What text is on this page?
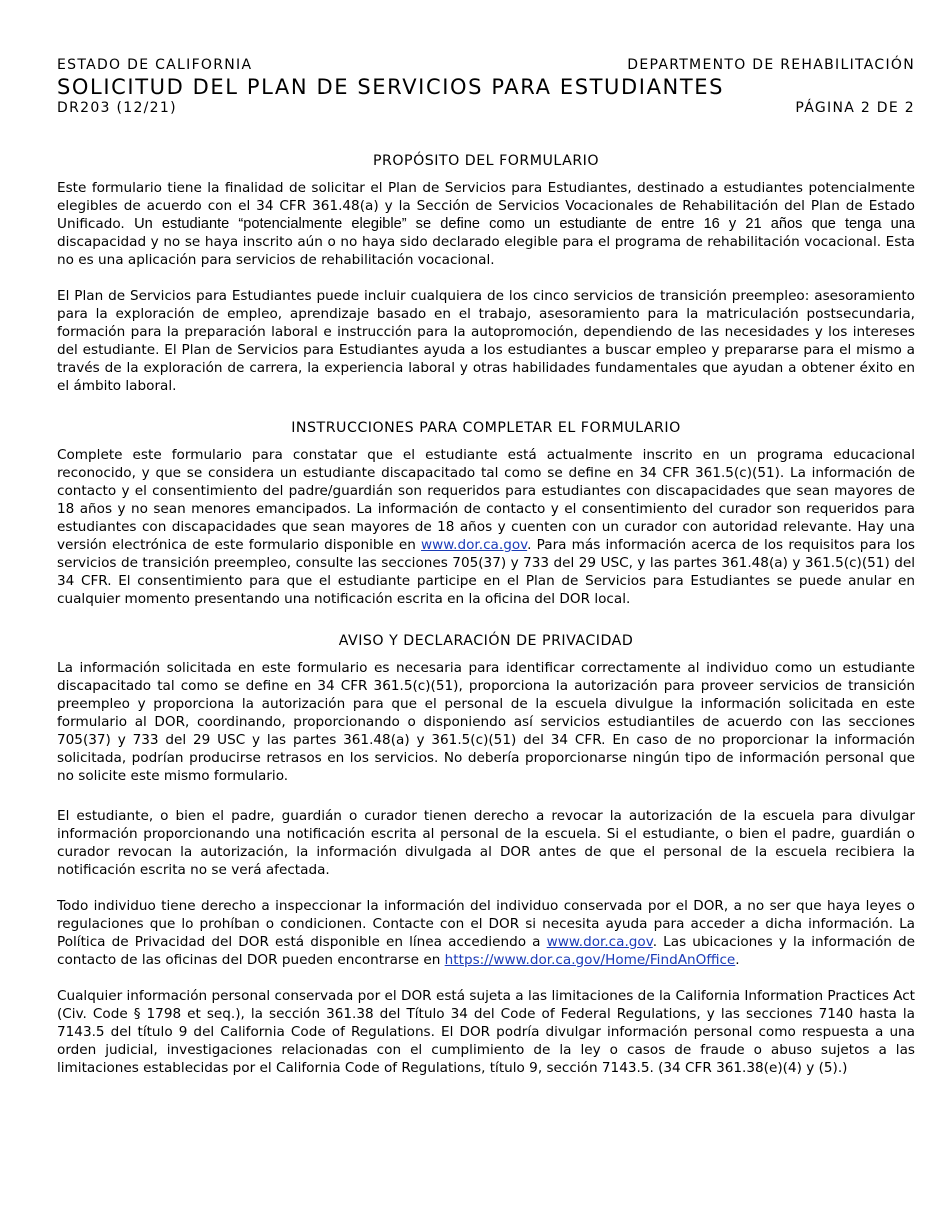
ESTADO DE CALIFORNIA	DEPARTMENTO DE REHABILITACIÓN
SOLICITUD DEL PLAN DE SERVICIOS PARA ESTUDIANTES
DR203 (12/21)	PÁGINA 2 DE 2
PROPÓSITO DEL FORMULARIO

Este formulario tiene la finalidad de solicitar el Plan de Servicios para Estudiantes, destinado a estudiantes potencialmente elegibles de acuerdo con el 34 CFR 361.48(a) y la Sección de Servicios Vocacionales de Rehabilitación del Plan de Estado Unificado. Un estudiante “potencialmente elegible” se define como un estudiante de entre 16 y 21 años que tenga una discapacidad y no se haya inscrito aún o no haya sido declarado elegible para el programa de rehabilitación vocacional. Esta no es una aplicación para servicios de rehabilitación vocacional.

El Plan de Servicios para Estudiantes puede incluir cualquiera de los cinco servicios de transición preempleo: asesoramiento para la exploración de empleo, aprendizaje basado en el trabajo, asesoramiento para la matriculación postsecundaria, formación para la preparación laboral e instrucción para la autopromoción, dependiendo de las necesidades y los intereses del estudiante. El Plan de Servicios para Estudiantes ayuda a los estudiantes a buscar empleo y prepararse para el mismo a través de la exploración de carrera, la experiencia laboral y otras habilidades fundamentales que ayudan a obtener éxito en el ámbito laboral.

INSTRUCCIONES PARA COMPLETAR EL FORMULARIO

Complete este formulario para constatar que el estudiante está actualmente inscrito en un programa educacional reconocido, y que se considera un estudiante discapacitado tal como se define en 34 CFR 361.5(c)(51). La información de contacto y el consentimiento del padre/guardián son requeridos para estudiantes con discapacidades que sean mayores de 18 años y no sean menores emancipados. La información de contacto y el consentimiento del curador son requeridos para estudiantes con discapacidades que sean mayores de 18 años y cuenten con un curador con autoridad relevante. Hay una versión electrónica de este formulario disponible en www.dor.ca.gov. Para más información acerca de los requisitos para los servicios de transición preempleo, consulte las secciones 705(37) y 733 del 29 USC, y las partes 361.48(a) y 361.5(c)(51) del 34 CFR. El consentimiento para que el estudiante participe en el Plan de Servicios para Estudiantes se puede anular en cualquier momento presentando una notificación escrita en la oficina del DOR local.

AVISO Y DECLARACIÓN DE PRIVACIDAD

La información solicitada en este formulario es necesaria para identificar correctamente al individuo como un estudiante discapacitado tal como se define en 34 CFR 361.5(c)(51), proporciona la autorización para proveer servicios de transición preempleo y proporciona la autorización para que el personal de la escuela divulgue la información solicitada en este formulario al DOR, coordinando, proporcionando o disponiendo así servicios estudiantiles de acuerdo con las secciones 705(37) y 733 del 29 USC y las partes 361.48(a) y 361.5(c)(51) del 34 CFR. En caso de no proporcionar la información solicitada, podrían producirse retrasos en los servicios. No debería proporcionarse ningún tipo de información personal que no solicite este mismo formulario.

El estudiante, o bien el padre, guardián o curador tienen derecho a revocar la autorización de la escuela para divulgar información proporcionando una notificación escrita al personal de la escuela. Si el estudiante, o bien el padre, guardián o curador revocan la autorización, la información divulgada al DOR antes de que el personal de la escuela recibiera la notificación escrita no se verá afectada.

Todo individuo tiene derecho a inspeccionar la información del individuo conservada por el DOR, a no ser que haya leyes o regulaciones que lo prohíban o condicionen. Contacte con el DOR si necesita ayuda para acceder a dicha información. La Política de Privacidad del DOR está disponible en línea accediendo a www.dor.ca.gov. Las ubicaciones y la información de contacto de las oficinas del DOR pueden encontrarse en https://www.dor.ca.gov/Home/FindAnOffice.

Cualquier información personal conservada por el DOR está sujeta a las limitaciones de la California Information Practices Act (Civ. Code § 1798 et seq.), la sección 361.38 del Título 34 del Code of Federal Regulations, y las secciones 7140 hasta la 7143.5 del título 9 del California Code of Regulations. El DOR podría divulgar información personal como respuesta a una orden judicial, investigaciones relacionadas con el cumplimiento de la ley o casos de fraude o abuso sujetos a las limitaciones establecidas por el California Code of Regulations, título 9, sección 7143.5. (34 CFR 361.38(e)(4) y (5).)
